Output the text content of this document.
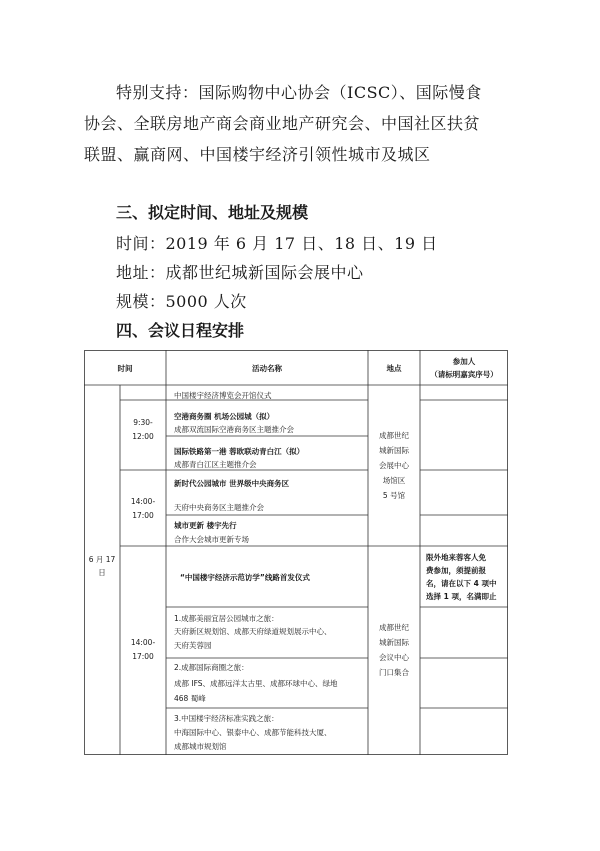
特别支持：国际购物中心协会（ICSC）、国际慢食
协会、全联房地产商会商业地产研究会、中国社区扶贫
联盟、赢商网、中国楼宇经济引领性城市及城区
三、拟定时间、地址及规模
时间：2019 年 6 月 17 日、18 日、19 日
地址：成都世纪城新国际会展中心
规模：5000 人次
四、会议日程安排
时间	活动名称	地点
参加人
（请标明嘉宾序号）
6 月 17
日
9:30-
12:00
14:00-
17:00
14:00-
17:00
中国楼宇经济博览会开馆仪式
空港商务圈 机场公园城（拟）
成都双流国际空港商务区主题推介会
国际铁路第一港 蓉欧联动青白江（拟）
成都青白江区主题推介会
新时代公园城市 世界级中央商务区
天府中央商务区主题推介会
城市更新 楼宇先行
合作大会城市更新专场
“中国楼宇经济示范访学”线路首发仪式
1.成都美丽宜居公园城市之旅：
天府新区规划馆、成都天府绿道规划展示中心、
天府芙蓉园
2.成都国际商圈之旅：
成都 IFS、成都远洋太古里、成都环球中心、绿地
468 蜀峰
3.中国楼宇经济标准实践之旅：
中海国际中心、银泰中心、成都节能科技大厦、
成都城市规划馆
成都世纪
城新国际
会展中心
场馆区
5 号馆
成都世纪
城新国际
会议中心
门口集合
限外地来蓉客人免
费参加，须提前报
名，请在以下 4 项中
选择 1 项，名满即止
